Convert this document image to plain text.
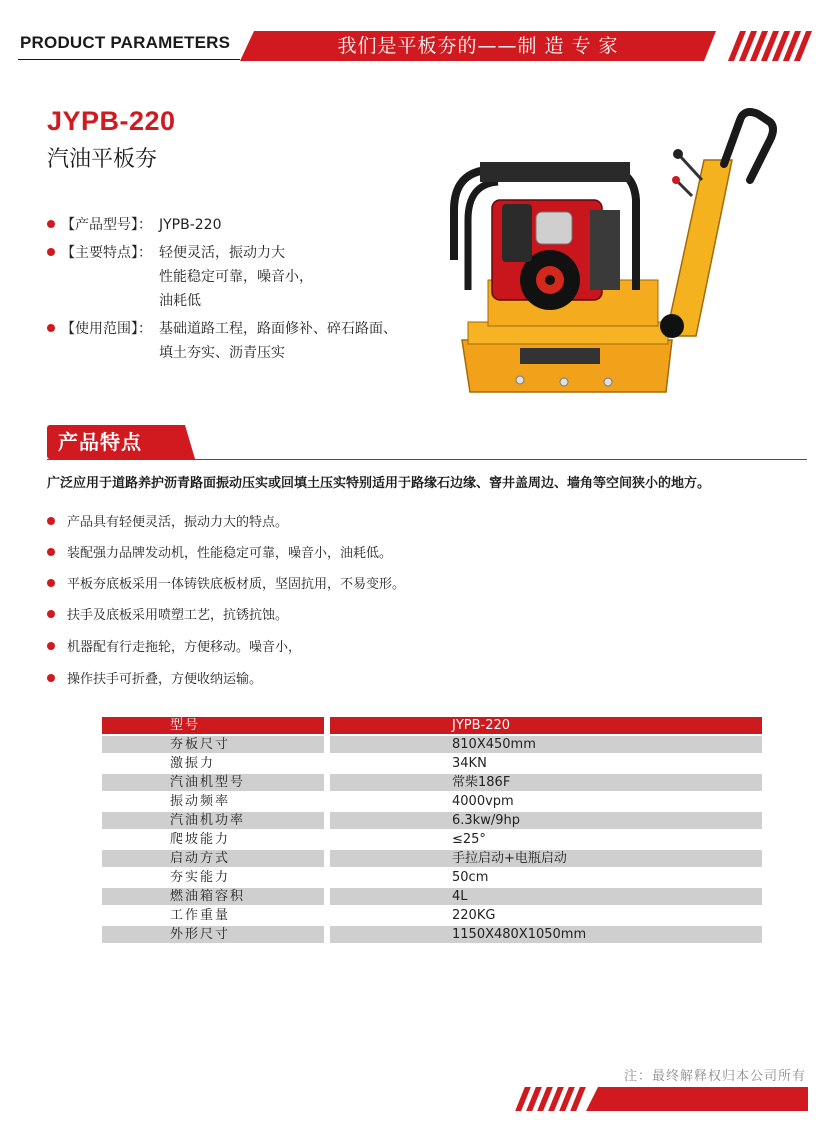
PRODUCT PARAMETERS	我们是平板夯的——制 造 专 家
JYPB-220
汽油平板夯
【产品型号】： JYPB-220
【主要特点】： 轻便灵活，振动力大
性能稳定可靠，噪音小，
油耗低
【使用范围】： 基础道路工程，路面修补、碎石路面、
填土夯实、沥青压实
产品特点
广泛应用于道路养护沥青路面振动压实或回填土压实特别适用于路缘石边缘、窨井盖周边、墙角等空间狭小的地方。
产品具有轻便灵活，振动力大的特点。
装配强力品牌发动机，性能稳定可靠，噪音小，油耗低。
平板夯底板采用一体铸铁底板材质，坚固抗用，不易变形。
扶手及底板采用喷塑工艺，抗锈抗蚀。
机器配有行走拖轮，方便移动。噪音小，
操作扶手可折叠，方便收纳运输。
型号	JYPB-220
夯板尺寸	810X450mm
激振力	34KN
汽油机型号	常柴186F
振动频率	4000vpm
汽油机功率	6.3kw/9hp
爬坡能力	≤25°
启动方式	手拉启动+电瓶启动
夯实能力	50cm
燃油箱容积	4L
工作重量	220KG
外形尺寸	1150X480X1050mm
注：最终解释权归本公司所有
